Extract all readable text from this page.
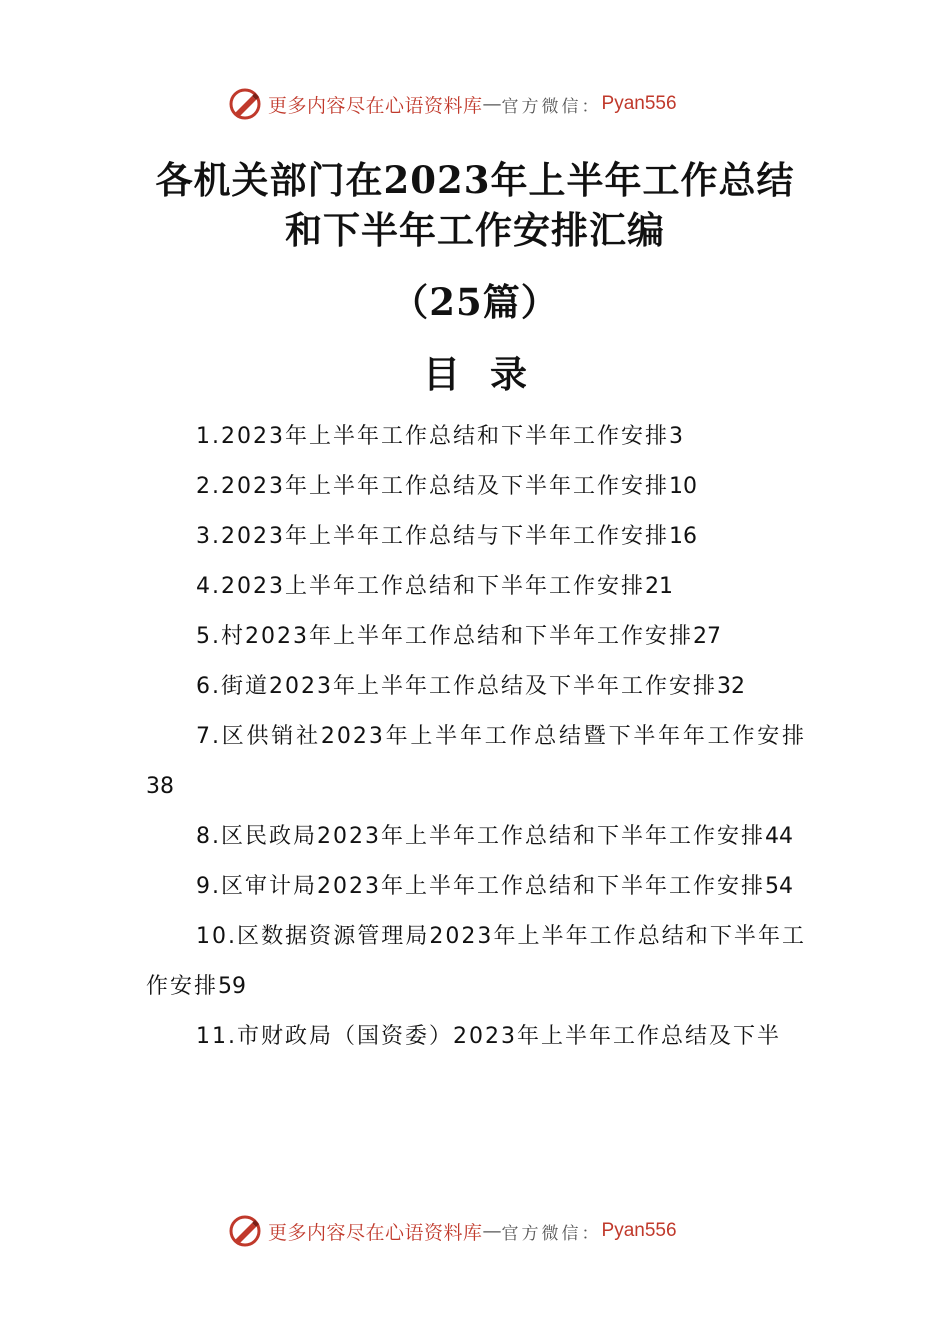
更多内容尽在心语资料库 — 官方微信： Pyan556
各机关部门在2023年上半年工作总结
和下半年工作安排汇编
（25篇）
目录

1.2023年上半年工作总结和下半年工作安排3

2.2023年上半年工作总结及下半年工作安排10

3.2023年上半年工作总结与下半年工作安排16

4.2023上半年工作总结和下半年工作安排21

5.村2023年上半年工作总结和下半年工作安排27

6.街道2023年上半年工作总结及下半年工作安排32

7.区供销社2023年上半年工作总结暨下半年年工作安排38

8.区民政局2023年上半年工作总结和下半年工作安排44

9.区审计局2023年上半年工作总结和下半年工作安排54

10.区数据资源管理局2023年上半年工作总结和下半年工作安排59

11.市财政局（国资委）2023年上半年工作总结及下半

更多内容尽在心语资料库 — 官方微信： Pyan556
